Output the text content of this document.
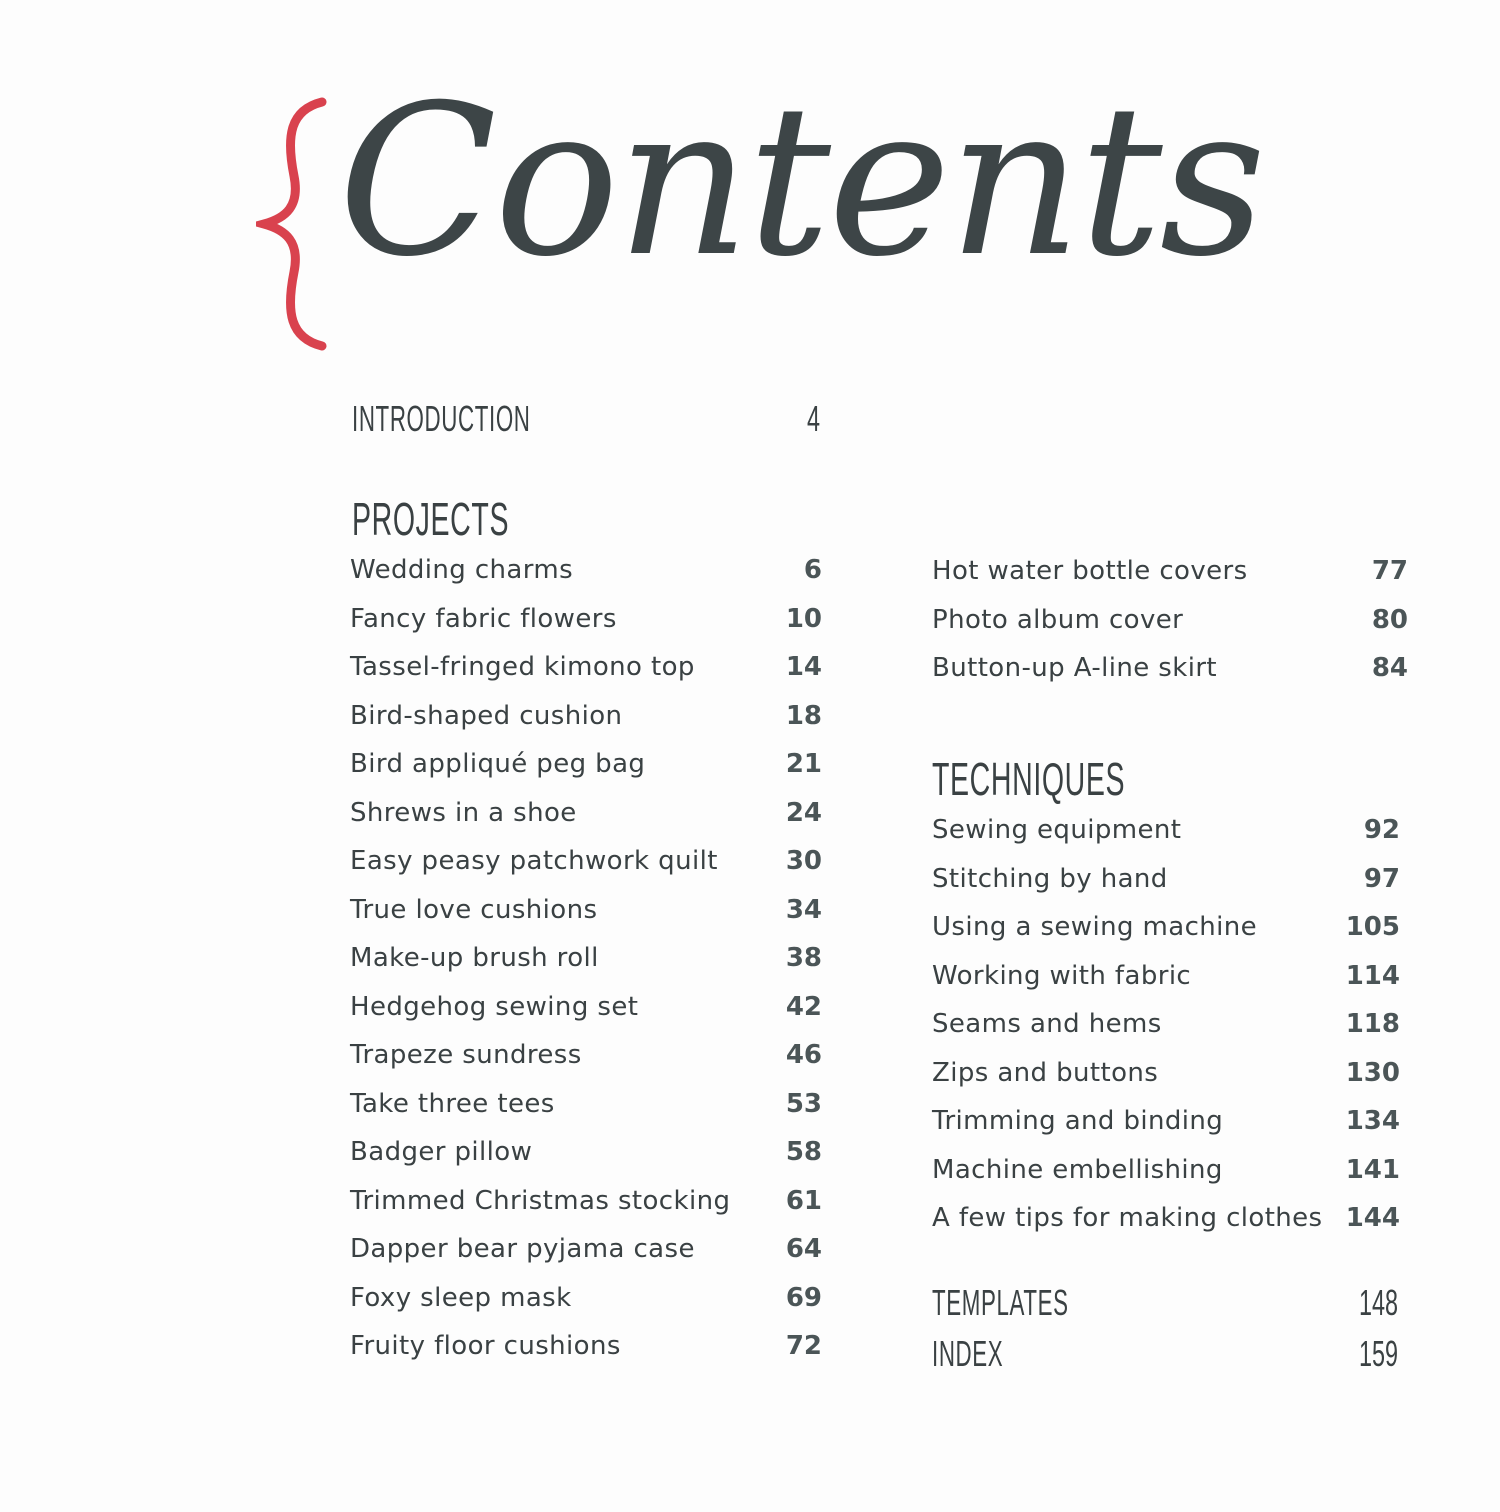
Contents
INTRODUCTION	4
PROJECTS
Wedding charms	6
Fancy fabric flowers	10
Tassel-fringed kimono top	14
Bird-shaped cushion	18
Bird appliqué peg bag	21
Shrews in a shoe	24
Easy peasy patchwork quilt	30
True love cushions	34
Make-up brush roll	38
Hedgehog sewing set	42
Trapeze sundress	46
Take three tees	53
Badger pillow	58
Trimmed Christmas stocking 61
Dapper bear pyjama case	64
Foxy sleep mask	69
Fruity floor cushions	72
Hot water bottle covers	77
Photo album cover	80
Button-up A-line skirt	84
TECHNIQUES
Sewing equipment	92
Stitching by hand	97
Using a sewing machine	105
Working with fabric	114
Seams and hems	118
Zips and buttons	130
Trimming and binding	134
Machine embellishing	141
A few tips for making clothes 144
TEMPLATES	148
INDEX	159
